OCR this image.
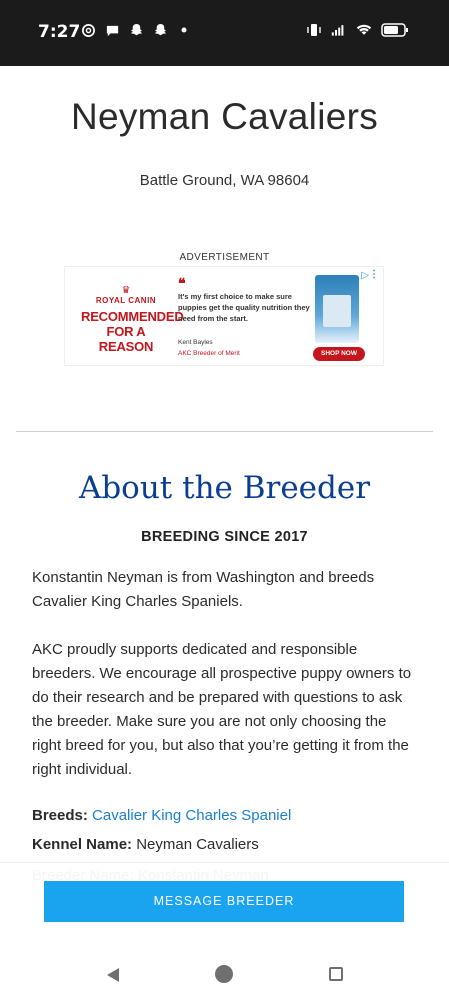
7:27
Neyman Cavaliers
Battle Ground, WA 98604
ADVERTISEMENT
♛
ROYAL CANIN
RECOMMENDED
FOR A REASON
❝
It's my first choice to make sure puppies get the quality nutrition they need from the start.
Kent Bayles
AKC Breeder of Merit	SHOP NOW
▷ ⋮
About the Breeder
BREEDING SINCE 2017

Konstantin Neyman is from Washington and breeds Cavalier King Charles Spaniels.

AKC proudly supports dedicated and responsible breeders. We encourage all prospective puppy owners to do their research and be prepared with questions to ask the breeder. Make sure you are not only choosing the right breed for you, but also that you’re getting it from the right individual.

Breeds: Cavalier King Charles Spaniel
Kennel Name: Neyman Cavaliers
MESSAGE BREEDER
